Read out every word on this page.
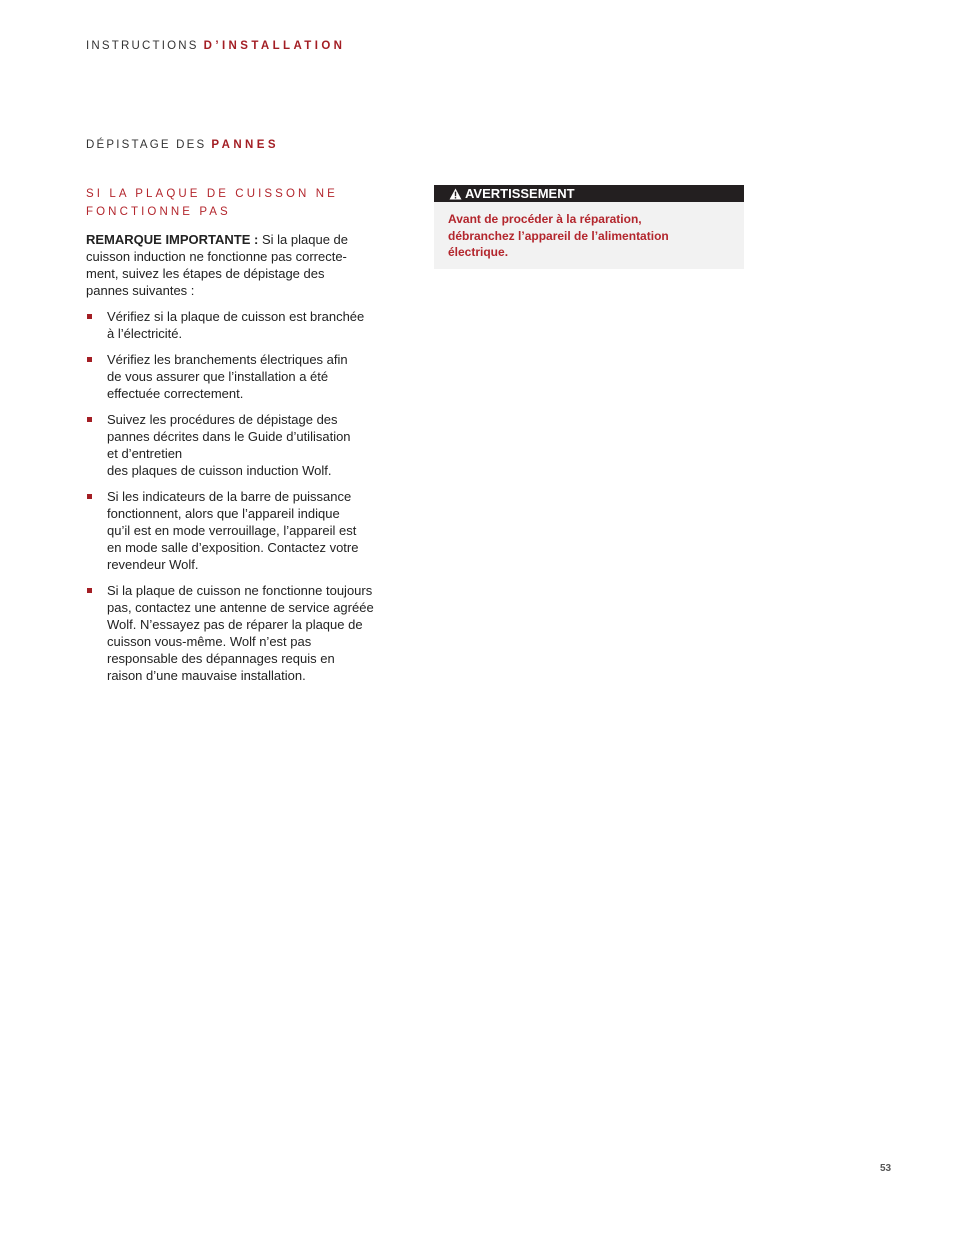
INSTRUCTIONS D’INSTALLATION
DÉPISTAGE DES PANNES
SI LA PLAQUE DE CUISSON NE
FONCTIONNE PAS
REMARQUE IMPORTANTE : Si la plaque de
cuisson induction ne fonctionne pas correcte-
ment, suivez les étapes de dépistage des
pannes suivantes :
Vérifiez si la plaque de cuisson est branchée
à l’électricité.
Vérifiez les branchements électriques afin
de vous assurer que l’installation a été
effectuée correctement.
Suivez les procédures de dépistage des
pannes décrites dans le Guide d’utilisation
et d’entretien
des plaques de cuisson induction Wolf.
Si les indicateurs de la barre de puissance
fonctionnent, alors que l’appareil indique
qu’il est en mode verrouillage, l’appareil est
en mode salle d’exposition. Contactez votre
revendeur Wolf.
Si la plaque de cuisson ne fonctionne toujours
pas, contactez une antenne de service agréée
Wolf. N’essayez pas de réparer la plaque de
cuisson vous-même. Wolf n’est pas
responsable des dépannages requis en
raison d’une mauvaise installation.
AVERTISSEMENT
Avant de procéder à la réparation,
débranchez l’appareil de l’alimentation
électrique.
53
